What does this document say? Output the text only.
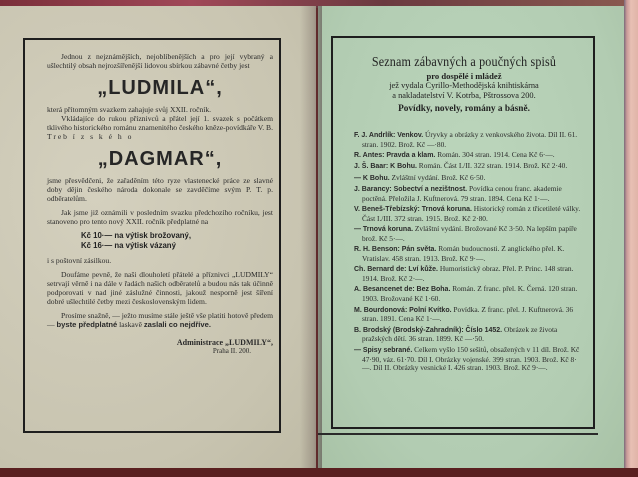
Jednou z nejznámějších, nejoblíbenějších a pro její vybraný a ušlechtilý obsah nejrozšířenější lidovou sbírkou zábavné četby jest

„LUDMILA“,

která přítomným svazkem zahajuje svůj XXII. ročník.

Vkládajíce do rukou příznivců a přátel její 1. svazek s počátkem tklivého historického románu znamenitého českého kněze-povídkáře V. B. T r e b í z s k é h o

„DAGMAR“,

jsme přesvědčeni, že zařaděním této ryze vlastenecké práce ze slavné doby dějin českého národa dokonale se zavděčíme svým P. T. p. odběratelům.

Jak jsme již oznámili v posledním svazku předchozího ročníku, jest stanoveno pro tento nový XXII. ročník předplatné na

Kč 10·— na výtisk brožovaný,
Kč 16·— na výtisk vázaný

i s poštovní zásilkou.

Doufáme pevně, že naši dlouholetí přátelé a příznivci „LUDMILY“ setrvají věrně i na dále v řadách našich odběratelů a budou nás tak účinně podporovati v nad jiné záslužné činnosti, jakouž nesporně jest šíření dobré ušlechtilé četby mezi československým lidem.

Prosíme snažně, — ježto musíme stále ještě vše platiti hotově předem — byste předplatné laskavě zaslali co nejdříve.

Administrace „LUDMILY“,
Praha II. 200.
Seznam zábavných a poučných spisů
pro dospělé i mládež
jež vydala Cyrillo-Methodějská knihtiskárna
a nakladatelství V. Kotrba, Pštrossova 200.
Povídky, novely, romány a básně.

F. J. Andrlík: Venkov. Úryvky a obrázky z venkovského života. Díl II. 61. stran. 1902. Brož. Kč —·80.

R. Antes: Pravda a klam. Román. 304 stran. 1914. Cena Kč 6·—.

J. Š. Baar: K Bohu. Román. Část I./II. 322 stran. 1914. Brož. Kč 2·40.

— K Bohu. Zvláštní vydání. Brož. Kč 6·50.

J. Barancy: Sobectví a nezištnost. Povídka cenou franc. akademie poctěná. Přeložila J. Kuftnerová. 79 stran. 1894. Cena Kč 1·—.

V. Beneš-Třebízský: Trnová koruna. Historický román z třicetileté války. Část I./III. 372 stran. 1915. Brož. Kč 2·80.

— Trnová koruna. Zvláštní vydání. Brožované Kč 3·50. Na lepším papíře brož. Kč 5·—.

R. H. Benson: Pán světa. Román budoucnosti. Z anglického přel. K. Vratislav. 458 stran. 1913. Brož. Kč 9·—.

Ch. Bernard de: Lví kůže. Humoristický obraz. Přel. P. Princ. 148 stran. 1914. Brož. Kč 2·—.

A. Besancenet de: Bez Boha. Román. Z franc. přel. K. Černá. 120 stran. 1903. Brožované Kč 1·60.

M. Bourdonová: Polní Kvítko. Povídka. Z franc. přel. J. Kuftnerová. 36 stran. 1891. Cena Kč 1·—.

B. Brodský (Brodský-Zahradník): Číslo 1452. Obrázek ze života pražských dětí. 36 stran. 1899. Kč —·50.

— Spisy sebrané. Celkem vyšlo 150 sešitů, obsažených v 11 díl. Brož. Kč 47·90, váz. 61·70. Díl I. Obrázky vojenské. 399 stran. 1903. Brož. Kč 8·—. Díl II. Obrázky vesnické I. 426 stran. 1903. Brož. Kč 9·—.
